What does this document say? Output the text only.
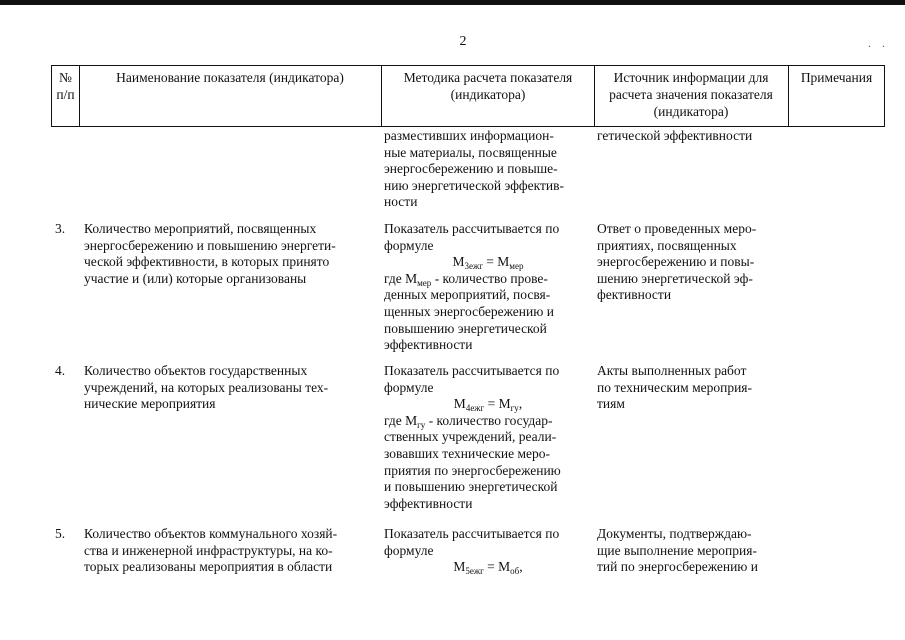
2	. .
№ п/п
Наименование показателя (индикатора)	Методика расчета показателя (индикатора)
Источник информации для расчета значения показателя (индикатора)
Примечания

разместивших информацион-

ные материалы, посвященные

энергосбережению и повыше-

нию энергетической эффектив-

ности

гетической эффективности

3. Количество мероприятий, посвященных

энергосбережению и повышению энергети-

ческой эффективности, в которых принято

участие и (или) которые организованы

Показатель рассчитывается по

формуле

$M_{3ежг} = M_{мер}$

где $M_{мер}$ - количество прове-

денных мероприятий, посвя-

щенных энергосбережению и

повышению энергетической

эффективности

Ответ о проведенных меро-

приятиях, посвященных

энергосбережению и повы-

шению энергетической эф-

фективности

4. Количество объектов государственных

учреждений, на которых реализованы тех-

нические мероприятия

Показатель рассчитывается по

формуле

$M_{4ежг} = M_{гу}$,

где $M_{гу}$ - количество государ-

ственных учреждений, реали-

зовавших технические меро-

приятия по энергосбережению

и повышению энергетической

эффективности

Акты выполненных работ

по техническим мероприя-

тиям

5. Количество объектов коммунального хозяй-

ства и инженерной инфраструктуры, на ко-

торых реализованы мероприятия в области

Показатель рассчитывается по

формуле

$M_{5ежг} = M_{об}$,

Документы, подтверждаю-

щие выполнение мероприя-

тий по энергосбережению и
